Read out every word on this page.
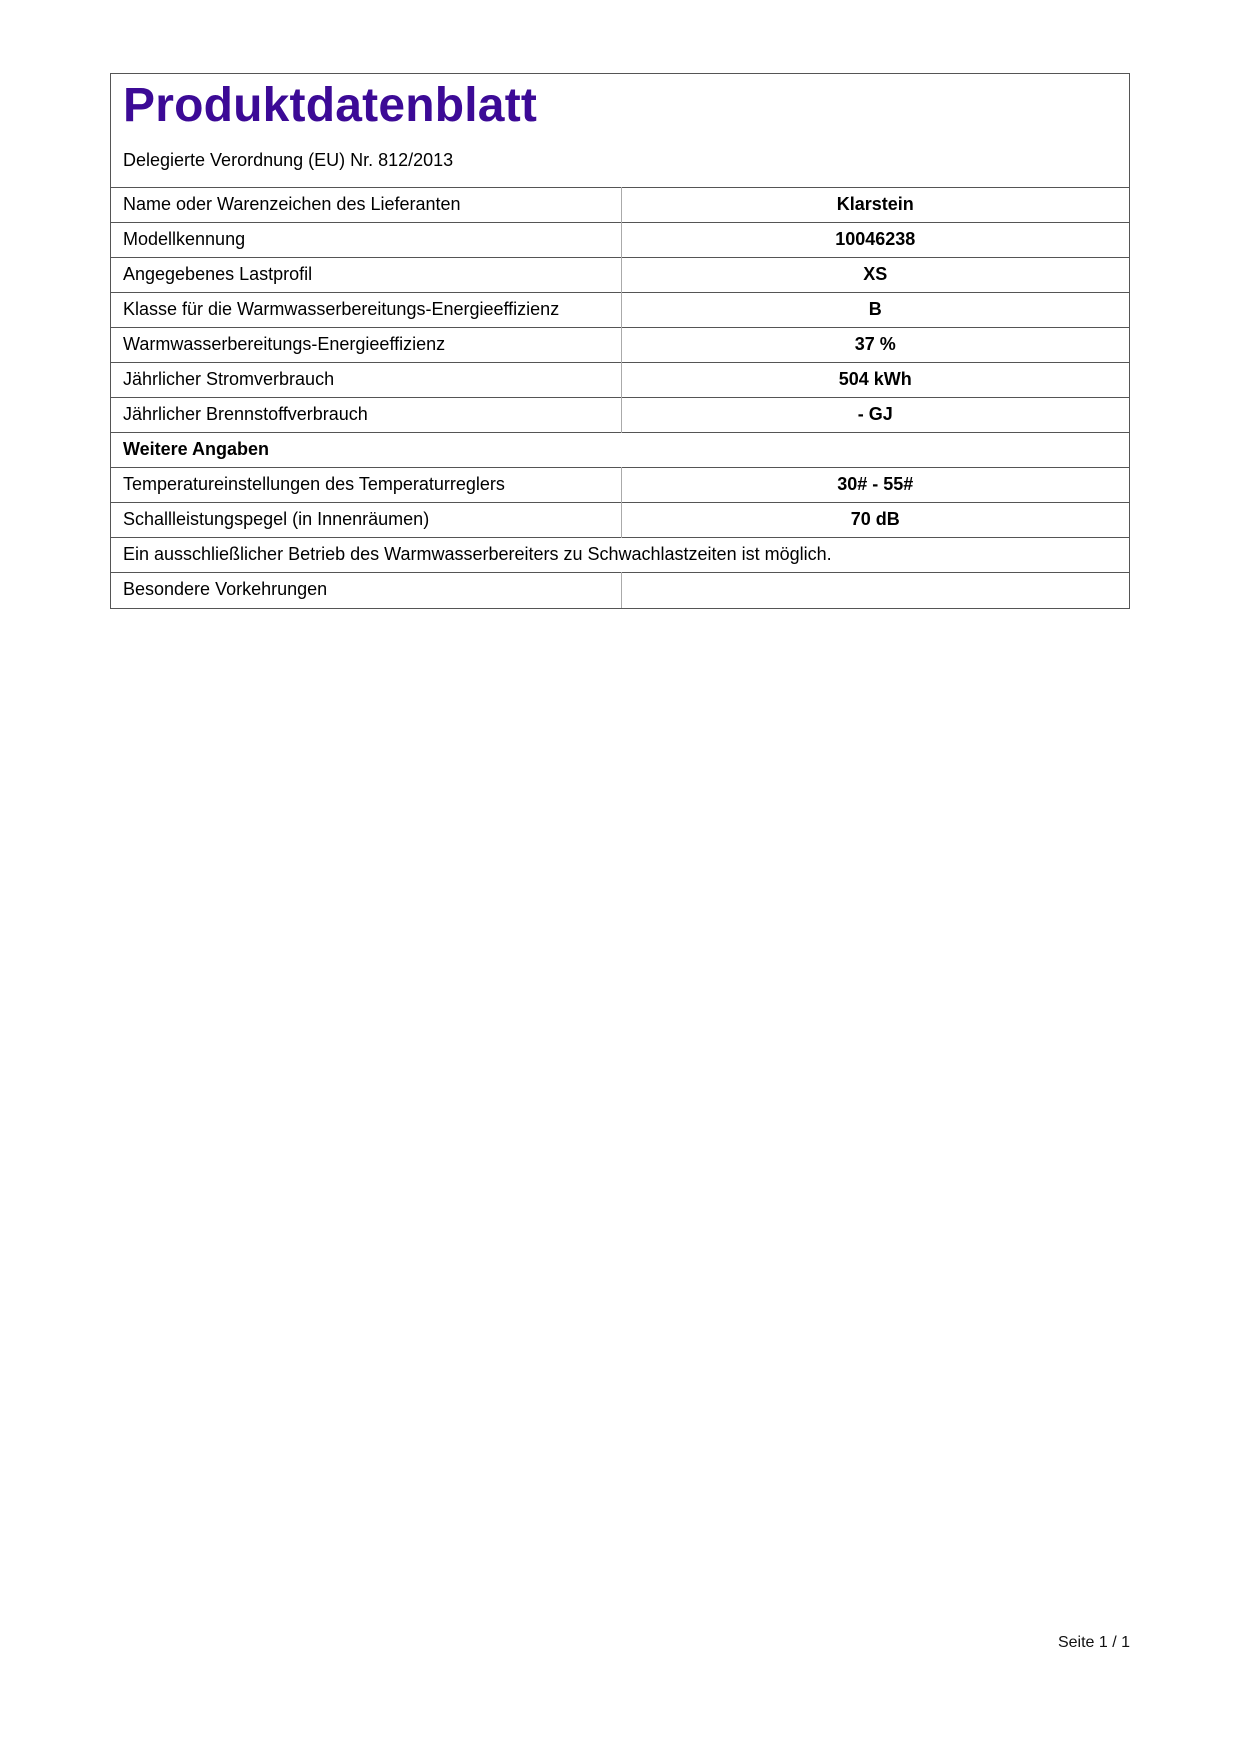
Produktdatenblatt
Delegierte Verordnung (EU) Nr. 812/2013
Name oder Warenzeichen des Lieferanten	Klarstein
Modellkennung	10046238
Angegebenes Lastprofil	XS
Klasse für die Warmwasserbereitungs-Energieeffizienz	B
Warmwasserbereitungs-Energieeffizienz	37 %
Jährlicher Stromverbrauch	504 kWh
Jährlicher Brennstoffverbrauch	- GJ
Weitere Angaben	
Temperatureinstellungen des Temperaturreglers	30# - 55#
Schallleistungspegel (in Innenräumen)	70 dB
Ein ausschließlicher Betrieb des Warmwasserbereiters zu Schwachlastzeiten ist möglich.	
Besondere Vorkehrungen	
Seite 1 / 1
